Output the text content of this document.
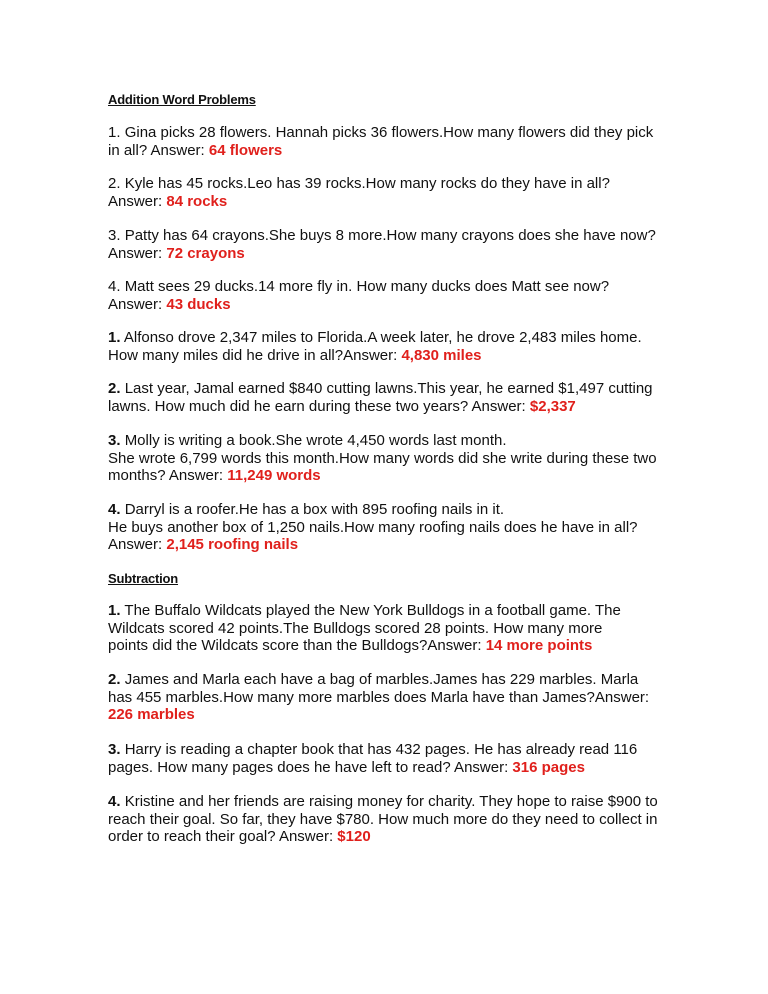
Addition Word Problems
1. Gina picks 28 flowers. Hannah picks 36 flowers.How many flowers did they pick
in all? Answer: 64 flowers
2. Kyle has 45 rocks.Leo has 39 rocks.How many rocks do they have in all?
Answer: 84 rocks
3. Patty has 64 crayons.She buys 8 more.How many crayons does she have now?
Answer: 72 crayons
4. Matt sees 29 ducks.14 more fly in. How many ducks does Matt see now?
Answer: 43 ducks
1. Alfonso drove 2,347 miles to Florida.A week later, he drove 2,483 miles home.
How many miles did he drive in all?Answer: 4,830 miles
2. Last year, Jamal earned $840 cutting lawns.This year, he earned $1,497 cutting
lawns. How much did he earn during these two years? Answer: $2,337
3. Molly is writing a book.She wrote 4,450 words last month.
She wrote 6,799 words this month.How many words did she write during these two
months? Answer: 11,249 words
4. Darryl is a roofer.He has a box with 895 roofing nails in it.
He buys another box of 1,250 nails.How many roofing nails does he have in all?
Answer: 2,145 roofing nails
Subtraction
1. The Buffalo Wildcats played the New York Bulldogs in a football game. The
Wildcats scored 42 points.The Bulldogs scored 28 points. How many more
points did the Wildcats score than the Bulldogs?Answer: 14 more points
2. James and Marla each have a bag of marbles.James has 229 marbles. Marla
has 455 marbles.How many more marbles does Marla have than James?Answer:
226 marbles
3. Harry is reading a chapter book that has 432 pages. He has already read 116
pages. How many pages does he have left to read? Answer: 316 pages
4. Kristine and her friends are raising money for charity. They hope to raise $900 to
reach their goal. So far, they have $780. How much more do they need to collect in
order to reach their goal? Answer: $120
